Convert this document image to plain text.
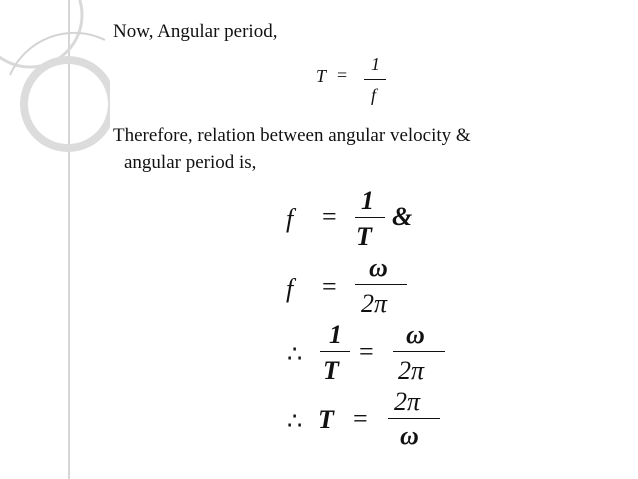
Now, Angular period,
T =
1
f
Therefore, relation between angular velocity &
angular period is,
f =
1
T
&
f =
ω
2π
∴
1
T
=
ω
2π
∴ T =
2π
ω
